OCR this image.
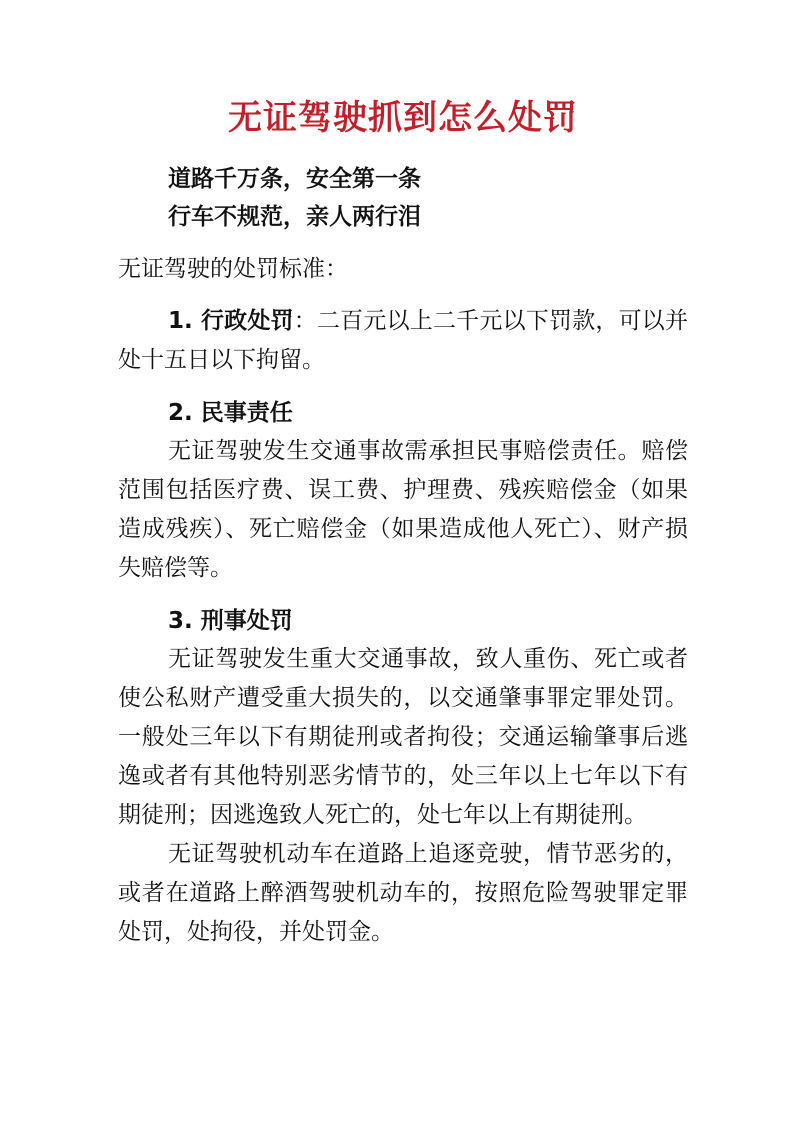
无证驾驶抓到怎么处罚

道路千万条，安全第一条

行车不规范，亲人两行泪

无证驾驶的处罚标准：

1. 行政处罚：二百元以上二千元以下罚款，可以并处十五日以下拘留。

2. 民事责任

无证驾驶发生交通事故需承担民事赔偿责任。赔偿范围包括医疗费、误工费、护理费、残疾赔偿金（如果造成残疾）、死亡赔偿金（如果造成他人死亡）、财产损失赔偿等。

3. 刑事处罚

无证驾驶发生重大交通事故，致人重伤、死亡或者使公私财产遭受重大损失的，以交通肇事罪定罪处罚。一般处三年以下有期徒刑或者拘役；交通运输肇事后逃逸或者有其他特别恶劣情节的，处三年以上七年以下有期徒刑；因逃逸致人死亡的，处七年以上有期徒刑。

无证驾驶机动车在道路上追逐竞驶，情节恶劣的，或者在道路上醉酒驾驶机动车的，按照危险驾驶罪定罪处罚，处拘役，并处罚金。
